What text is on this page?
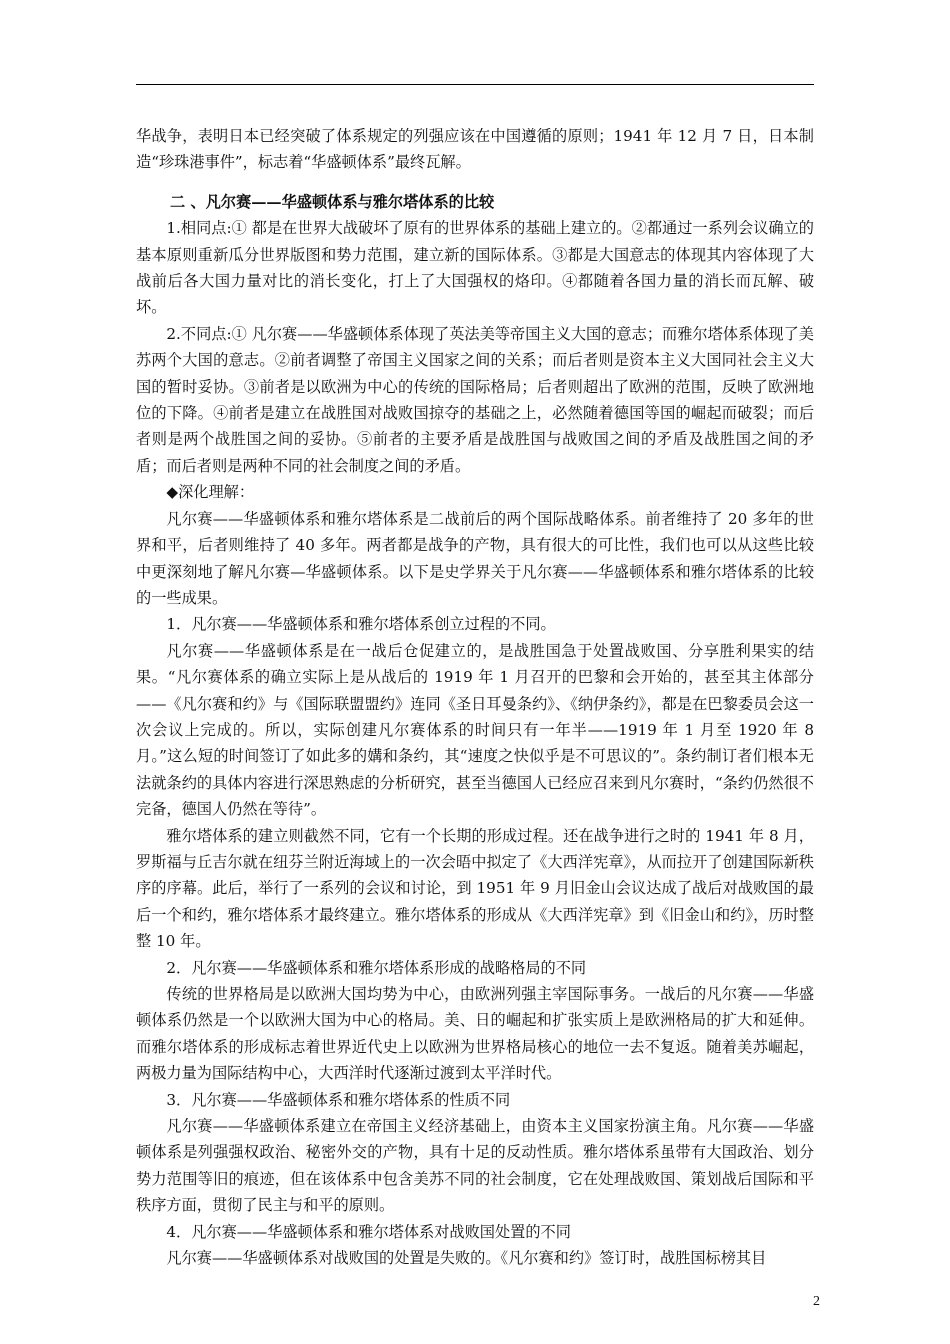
华战争，表明日本已经突破了体系规定的列强应该在中国遵循的原则；1941 年 12 月 7 日，日本制造“珍珠港事件”，标志着“华盛顿体系”最终瓦解。

二 、凡尔赛——华盛顿体系与雅尔塔体系的比较

1.相同点:① 都是在世界大战破坏了原有的世界体系的基础上建立的。②都通过一系列会议确立的基本原则重新瓜分世界版图和势力范围，建立新的国际体系。③都是大国意志的体现其内容体现了大战前后各大国力量对比的消长变化，打上了大国强权的烙印。④都随着各国力量的消长而瓦解、破坏。

2.不同点:① 凡尔赛——华盛顿体系体现了英法美等帝国主义大国的意志；而雅尔塔体系体现了美苏两个大国的意志。②前者调整了帝国主义国家之间的关系；而后者则是资本主义大国同社会主义大国的暂时妥协。③前者是以欧洲为中心的传统的国际格局；后者则超出了欧洲的范围，反映了欧洲地位的下降。④前者是建立在战胜国对战败国掠夺的基础之上，必然随着德国等国的崛起而破裂；而后者则是两个战胜国之间的妥协。⑤前者的主要矛盾是战胜国与战败国之间的矛盾及战胜国之间的矛盾；而后者则是两种不同的社会制度之间的矛盾。

◆深化理解：

凡尔赛——华盛顿体系和雅尔塔体系是二战前后的两个国际战略体系。前者维持了 20 多年的世界和平，后者则维持了 40 多年。两者都是战争的产物，具有很大的可比性，我们也可以从这些比较中更深刻地了解凡尔赛—华盛顿体系。以下是史学界关于凡尔赛——华盛顿体系和雅尔塔体系的比较的一些成果。

1．凡尔赛——华盛顿体系和雅尔塔体系创立过程的不同。

凡尔赛——华盛顿体系是在一战后仓促建立的，是战胜国急于处置战败国、分享胜利果实的结果。“凡尔赛体系的确立实际上是从战后的 1919 年 1 月召开的巴黎和会开始的，甚至其主体部分——《凡尔赛和约》与《国际联盟盟约》连同《圣日耳曼条约》、《纳伊条约》，都是在巴黎委员会这一次会议上完成的。所以，实际创建凡尔赛体系的时间只有一年半——1919 年 1 月至 1920 年 8 月。”这么短的时间签订了如此多的媾和条约，其“速度之快似乎是不可思议的”。条约制订者们根本无法就条约的具体内容进行深思熟虑的分析研究，甚至当德国人已经应召来到凡尔赛时，“条约仍然很不完备，德国人仍然在等待”。

雅尔塔体系的建立则截然不同，它有一个长期的形成过程。还在战争进行之时的 1941 年 8 月，罗斯福与丘吉尔就在纽芬兰附近海域上的一次会晤中拟定了《大西洋宪章》，从而拉开了创建国际新秩序的序幕。此后，举行了一系列的会议和讨论，到 1951 年 9 月旧金山会议达成了战后对战败国的最后一个和约，雅尔塔体系才最终建立。雅尔塔体系的形成从《大西洋宪章》到《旧金山和约》，历时整整 10 年。

2．凡尔赛——华盛顿体系和雅尔塔体系形成的战略格局的不同

传统的世界格局是以欧洲大国均势为中心，由欧洲列强主宰国际事务。一战后的凡尔赛——华盛顿体系仍然是一个以欧洲大国为中心的格局。美、日的崛起和扩张实质上是欧洲格局的扩大和延伸。而雅尔塔体系的形成标志着世界近代史上以欧洲为世界格局核心的地位一去不复返。随着美苏崛起，两极力量为国际结构中心，大西洋时代逐渐过渡到太平洋时代。

3．凡尔赛——华盛顿体系和雅尔塔体系的性质不同

凡尔赛——华盛顿体系建立在帝国主义经济基础上，由资本主义国家扮演主角。凡尔赛——华盛顿体系是列强强权政治、秘密外交的产物，具有十足的反动性质。雅尔塔体系虽带有大国政治、划分势力范围等旧的痕迹，但在该体系中包含美苏不同的社会制度，它在处理战败国、策划战后国际和平秩序方面，贯彻了民主与和平的原则。

4．凡尔赛——华盛顿体系和雅尔塔体系对战败国处置的不同

凡尔赛——华盛顿体系对战败国的处置是失败的。《凡尔赛和约》签订时，战胜国标榜其目

2
